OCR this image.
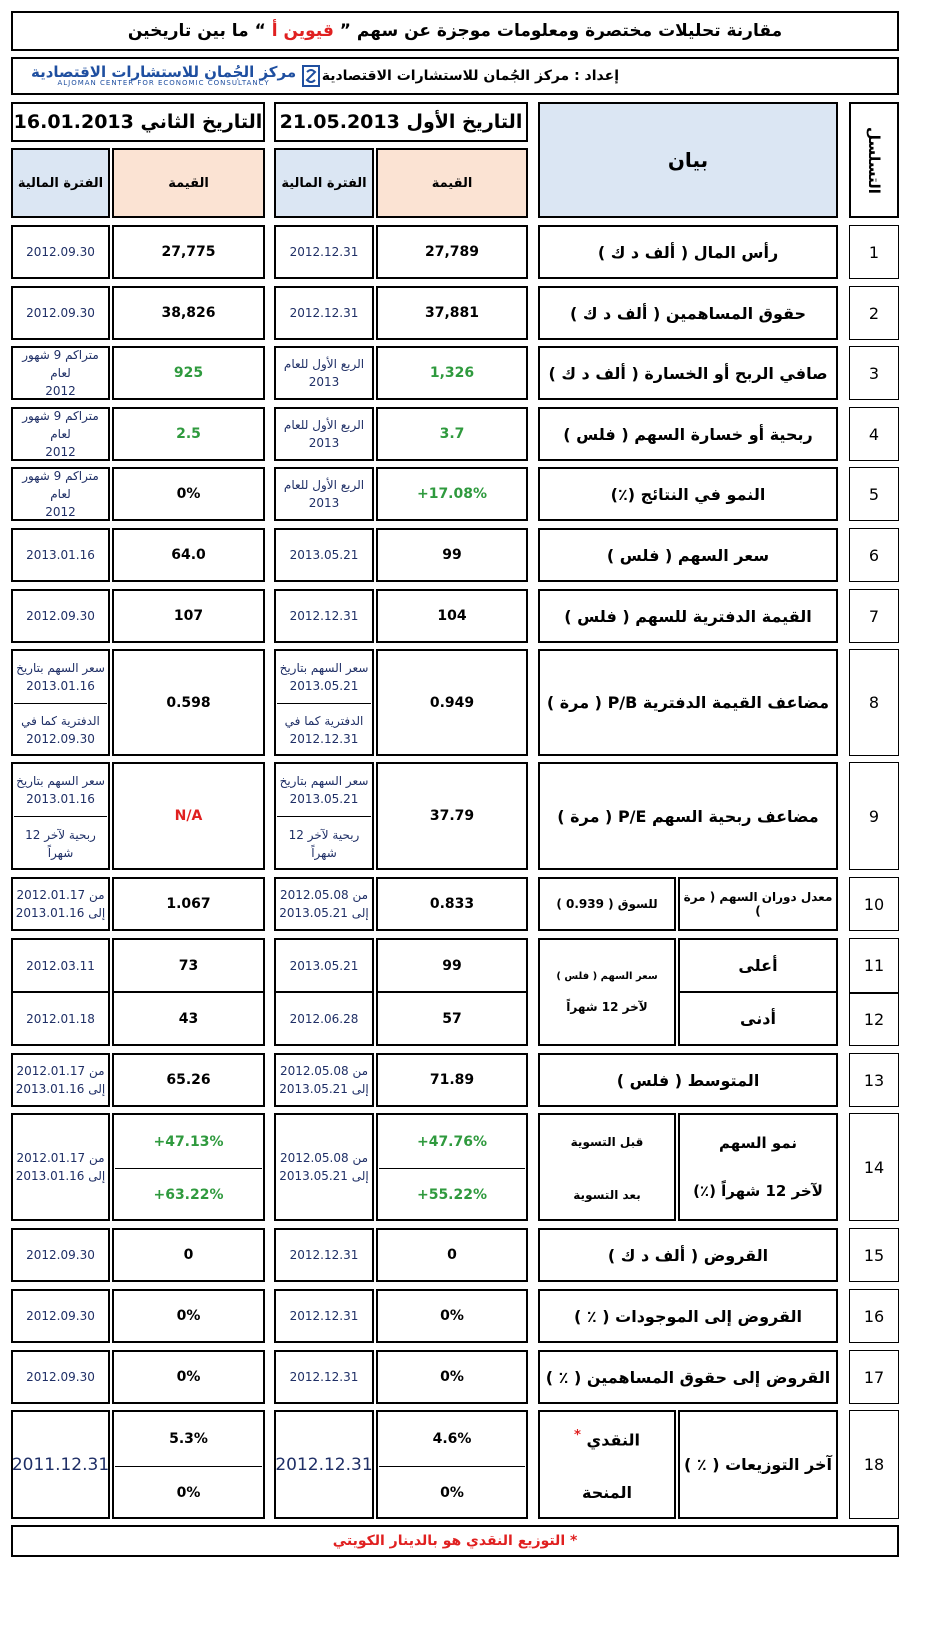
مقارنة تحليلات مختصرة ومعلومات موجزة عن سهم ” قيوين أ “ ما بين تاريخين
مركز الجُمان للاستشارات الاقتصادية
ALJOMAN CENTER FOR ECONOMIC CONSULTANCY	إعداد : مركز الجُمان للاستشارات الاقتصادية
التسلسل
بيان
التاريخ الأول 21.05.2013
التاريخ الثاني 16.01.2013
القيمة
الفترة المالية
القيمة
الفترة المالية
1
رأس المال ( ألف د ك )
27,789
2012.12.31
27,775
2012.09.30
2
حقوق المساهمين ( ألف د ك )
37,881
2012.12.31
38,826
2012.09.30
3
صافي الربح أو الخسارة ( ألف د ك )
1,326
الربع الأول للعام
2013
925
متراكم 9 شهور لعام
2012
4
ربحية أو خسارة السهم ( فلس )
3.7
الربع الأول للعام
2013
2.5
متراكم 9 شهور لعام
2012
5
النمو في النتائج (٪)
+17.08%
الربع الأول للعام
2013
0%
متراكم 9 شهور لعام
2012
6
سعر السهم ( فلس )
99
2013.05.21
64.0
2013.01.16
7
القيمة الدفترية للسهم ( فلس )
104
2012.12.31
107
2012.09.30
8
مضاعف القيمة الدفترية P/B ( مرة )
0.949
سعر السهم بتاريخ
2013.05.21
الدفترية كما في
2012.12.31
0.598
سعر السهم بتاريخ
2013.01.16
الدفترية كما في
2012.09.30
9
مضاعف ربحية السهم P/E ( مرة )
37.79
سعر السهم بتاريخ
2013.05.21
ربحية لآخر 12
شهراً
N/A
سعر السهم بتاريخ
2013.01.16
ربحية لآخر 12
شهراً
10
معدل دوران السهم ( مرة )
للسوق ( 0.939 )
0.833
من 2012.05.08
إلى 2013.05.21
1.067
من 2012.01.17
إلى 2013.01.16
11
12
أعلى
أدنى
سعر السهم ( فلس )
لآخر 12 شهراً
99
2013.05.21
73
2012.03.11
57
2012.06.28
43
2012.01.18
13
المتوسط ( فلس )
71.89
من 2012.05.08
إلى 2013.05.21
65.26
من 2012.01.17
إلى 2013.01.16
14
نمو السهم
لآخر 12 شهراً (٪)
قبل التسوية
بعد التسوية
+47.76%
+55.22%
من 2012.05.08
إلى 2013.05.21
+47.13%
+63.22%
من 2012.01.17
إلى 2013.01.16
15
القروض ( ألف د ك )
0
2012.12.31
0
2012.09.30
16
القروض إلى الموجودات ( ٪ )
0%
2012.12.31
0%
2012.09.30
17
القروض إلى حقوق المساهمين ( ٪ )
0%
2012.12.31
0%
2012.09.30
18
آخر التوزيعات ( ٪ )
النقدي *
المنحة
4.6%
0%
2012.12.31
5.3%
0%
2011.12.31
* التوزيع النقدي هو بالدينار الكويتي
